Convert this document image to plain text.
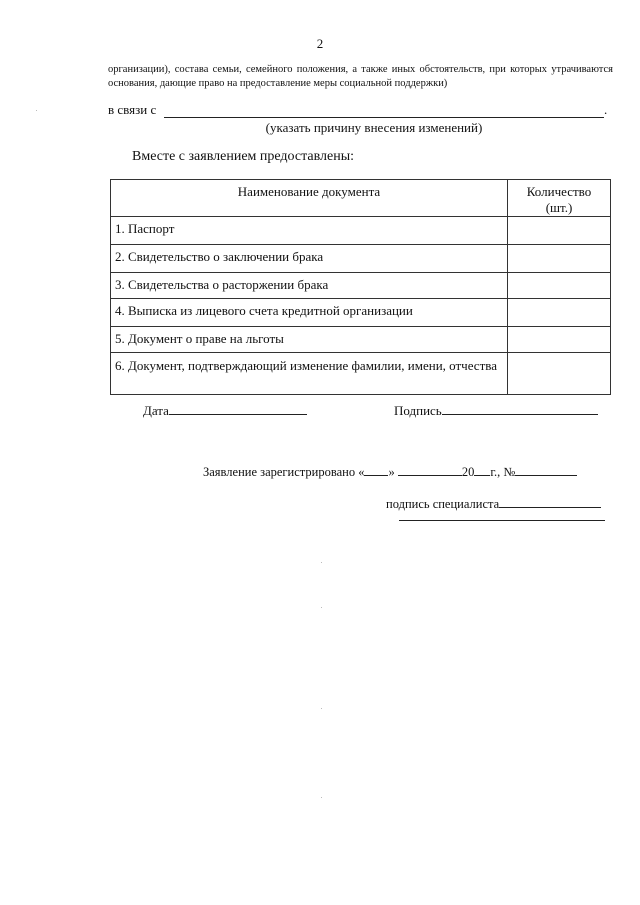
2
организации), состава семьи, семейного положения, а также иных обстоятельств, при которых утрачиваются основания, дающие право на предоставление меры социальной поддержки)
в связи с	.
(указать причину внесения изменений)
Вместе с заявлением предоставлены:
Наименование документа	Количество (шт.)
1. Паспорт	
2. Свидетельство о заключении брака	
3. Свидетельства о расторжении брака	
4. Выписка из лицевого счета кредитной организации	
5. Документ о праве на льготы	
6. Документ, подтверждающий изменение фамилии, имени, отчества	
Дата	Подпись
Заявление зарегистрировано « »	20 г., №
подпись специалиста
